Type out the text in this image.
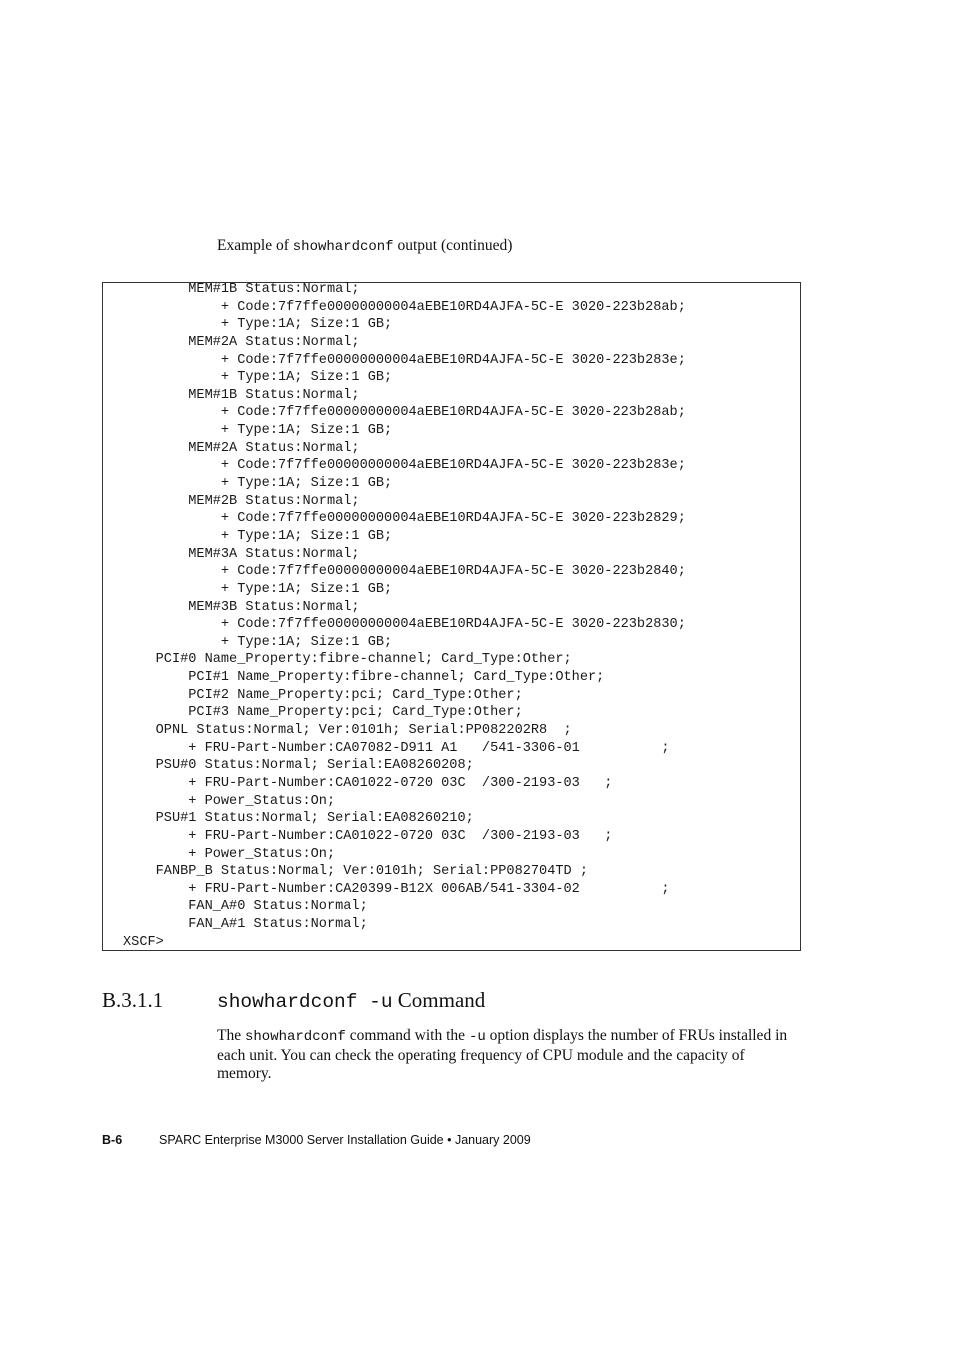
Example of showhardconf output (continued)
MEM#1B Status:Normal;
+ Code:7f7ffe00000000004aEBE10RD4AJFA-5C-E 3020-223b28ab;
+ Type:1A; Size:1 GB;
MEM#2A Status:Normal;
+ Code:7f7ffe00000000004aEBE10RD4AJFA-5C-E 3020-223b283e;
+ Type:1A; Size:1 GB;
MEM#1B Status:Normal;
+ Code:7f7ffe00000000004aEBE10RD4AJFA-5C-E 3020-223b28ab;
+ Type:1A; Size:1 GB;
MEM#2A Status:Normal;
+ Code:7f7ffe00000000004aEBE10RD4AJFA-5C-E 3020-223b283e;
+ Type:1A; Size:1 GB;
MEM#2B Status:Normal;
+ Code:7f7ffe00000000004aEBE10RD4AJFA-5C-E 3020-223b2829;
+ Type:1A; Size:1 GB;
MEM#3A Status:Normal;
+ Code:7f7ffe00000000004aEBE10RD4AJFA-5C-E 3020-223b2840;
+ Type:1A; Size:1 GB;
MEM#3B Status:Normal;
+ Code:7f7ffe00000000004aEBE10RD4AJFA-5C-E 3020-223b2830;
+ Type:1A; Size:1 GB;
PCI#0 Name_Property:fibre-channel; Card_Type:Other;
PCI#1 Name_Property:fibre-channel; Card_Type:Other;
PCI#2 Name_Property:pci; Card_Type:Other;
PCI#3 Name_Property:pci; Card_Type:Other;
OPNL Status:Normal; Ver:0101h; Serial:PP082202R8  ;
+ FRU-Part-Number:CA07082-D911 A1   /541-3306-01          ;
PSU#0 Status:Normal; Serial:EA08260208;
+ FRU-Part-Number:CA01022-0720 03C  /300-2193-03   ;
+ Power_Status:On;
PSU#1 Status:Normal; Serial:EA08260210;
+ FRU-Part-Number:CA01022-0720 03C  /300-2193-03   ;
+ Power_Status:On;
FANBP_B Status:Normal; Ver:0101h; Serial:PP082704TD ;
+ FRU-Part-Number:CA20399-B12X 006AB/541-3304-02          ;
FAN_A#0 Status:Normal;
FAN_A#1 Status:Normal;
XSCF>
B.3.1.1	showhardconf -u Command
The showhardconf command with the -u option displays the number of FRUs installed in each unit. You can check the operating frequency of CPU module and the capacity of memory.
B-6	SPARC Enterprise M3000 Server Installation Guide • January 2009
